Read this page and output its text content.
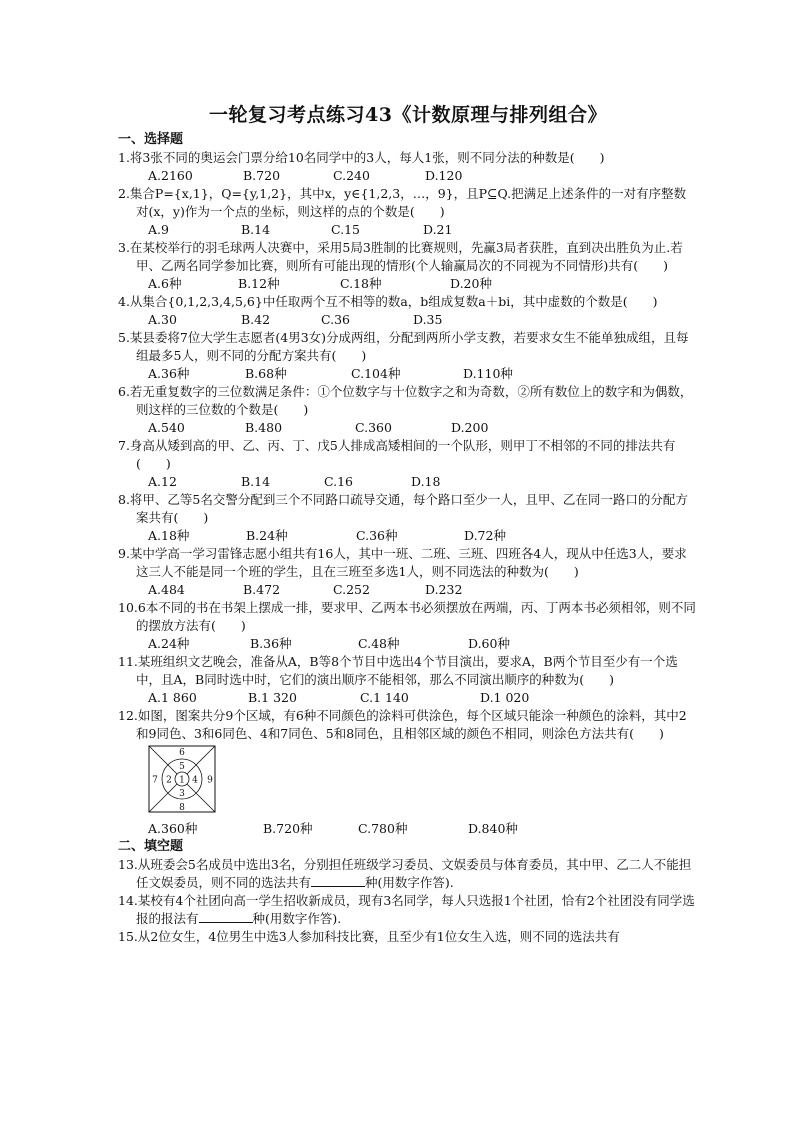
一轮复习考点练习43《计数原理与排列组合》
一、选择题
1.将3张不同的奥运会门票分给10名同学中的3人，每人1张，则不同分法的种数是(　　)
A.2160	B.720	C.240	D.120
2.集合P={x,1}，Q={y,1,2}，其中x，y∈{1,2,3，…，9}，且P⊆Q.把满足上述条件的一对有序整数对(x，y)作为一个点的坐标，则这样的点的个数是(　　)
A.9	B.14	C.15	D.21
3.在某校举行的羽毛球两人决赛中，采用5局3胜制的比赛规则，先赢3局者获胜，直到决出胜负为止.若甲、乙两名同学参加比赛，则所有可能出现的情形(个人输赢局次的不同视为不同情形)共有(　　)
A.6种	B.12种	C.18种	D.20种
4.从集合{0,1,2,3,4,5,6}中任取两个互不相等的数a，b组成复数a＋bi，其中虚数的个数是(　　)
A.30	B.42	C.36	D.35
5.某县委将7位大学生志愿者(4男3女)分成两组，分配到两所小学支教，若要求女生不能单独成组，且每组最多5人，则不同的分配方案共有(　　)
A.36种	B.68种	C.104种	D.110种
6.若无重复数字的三位数满足条件：①个位数字与十位数字之和为奇数，②所有数位上的数字和为偶数，则这样的三位数的个数是(　　)
A.540	B.480	C.360	D.200
7.身高从矮到高的甲、乙、丙、丁、戊5人排成高矮相间的一个队形，则甲丁不相邻的不同的排法共有(　　)
A.12	B.14	C.16	D.18
8.将甲、乙等5名交警分配到三个不同路口疏导交通，每个路口至少一人，且甲、乙在同一路口的分配方案共有(　　)
A.18种	B.24种	C.36种	D.72种
9.某中学高一学习雷锋志愿小组共有16人，其中一班、二班、三班、四班各4人，现从中任选3人，要求这三人不能是同一个班的学生，且在三班至多选1人，则不同选法的种数为(　　)
A.484	B.472	C.252	D.232
10.6本不同的书在书架上摆成一排，要求甲、乙两本书必须摆放在两端，丙、丁两本书必须相邻，则不同的摆放方法有(　　)
A.24种	B.36种	C.48种	D.60种
11.某班组织文艺晚会，准备从A，B等8个节目中选出4个节目演出，要求A，B两个节目至少有一个选中，且A，B同时选中时，它们的演出顺序不能相邻，那么不同演出顺序的种数为(　　)
A.1 860	B.1 320	C.1 140	D.1 020
12.如图，图案共分9个区域，有6种不同颜色的涂料可供涂色，每个区域只能涂一种颜色的涂料，其中2和9同色、3和6同色、4和7同色、5和8同色，且相邻区域的颜色不相同，则涂色方法共有(　　)
1
2
3
4
5
6
7
8
9
A.360种	B.720种	C.780种	D.840种
二、填空题
13.从班委会5名成员中选出3名，分别担任班级学习委员、文娱委员与体育委员，其中甲、乙二人不能担任文娱委员，则不同的选法共有	种(用数字作答).
14.某校有4个社团向高一学生招收新成员，现有3名同学，每人只选报1个社团，恰有2个社团没有同学选报的报法有	种(用数字作答).
15.从2位女生，4位男生中选3人参加科技比赛，且至少有1位女生入选，则不同的选法共有
